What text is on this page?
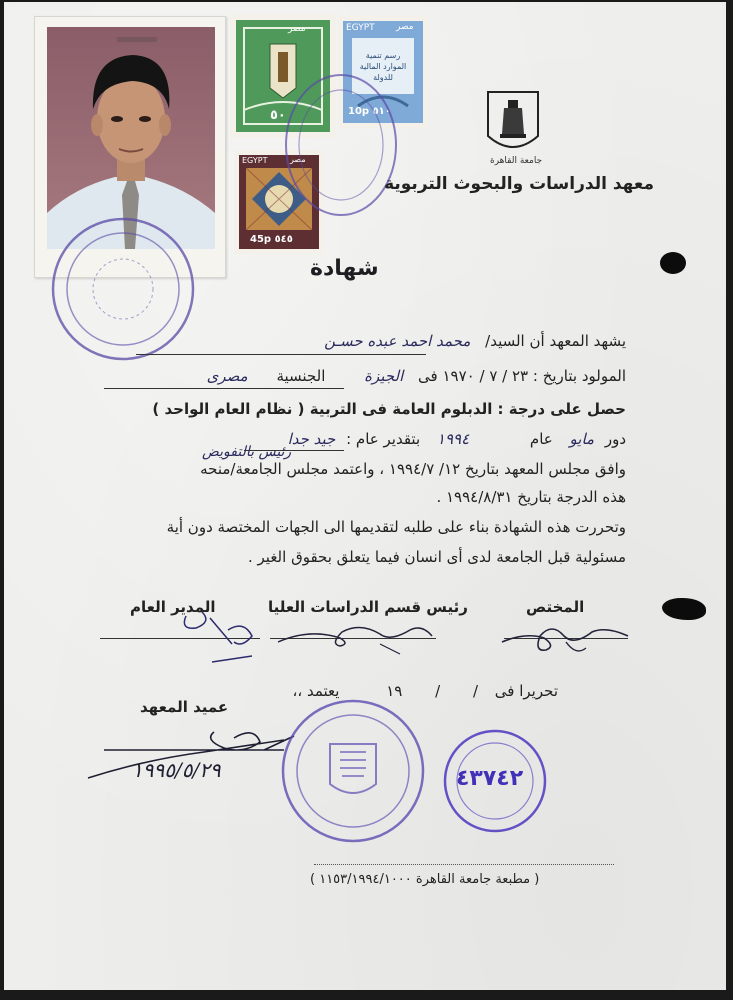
٥٠
مصر	EGYPT مصر
رسم تنمية الموارد المالية للدولة
10p ٥١٠
EGYPT	مصر
45p ٥٤٥
جامعة القاهرة
معهد الدراسات والبحوث التربوية
شهادة
يشهد المعهد أن السيد/ محمد احمد عبده حسـن
المولود بتاريخ : ٢٣ / ٧ / ١٩٧٠ فى الجيزة الجنسية مصرى
حصل على درجة : الدبلوم العامة فى التربية ( نظام العام الواحد )
دور مايو عام ١٩٩٤ بتقدير عام : جيد جدا
رئيس بالتفويض
وافق مجلس المعهد بتاريخ ١٢/ ١٩٩٤/٧ ، واعتمد مجلس الجامعة/منحه
هذه الدرجة بتاريخ ١٩٩٤/٨/٣١ .
وتحررت هذه الشهادة بناء على طلبه لتقديمها الى الجهات المختصة دون أية
مسئولية قبل الجامعة لدى أى انسان فيما يتعلق بحقوق الغير .
المختص
رئيس قسم الدراسات العليا
المدير العام
تحريرا فى / / ١٩ يعتمد ،،
عميد المعهد
١٩٩٥/٥/٢٩	٤٣٧٤٢
( مطبعة جامعة القاهرة ١١٥٣/١٩٩٤/١٠٠٠ )
